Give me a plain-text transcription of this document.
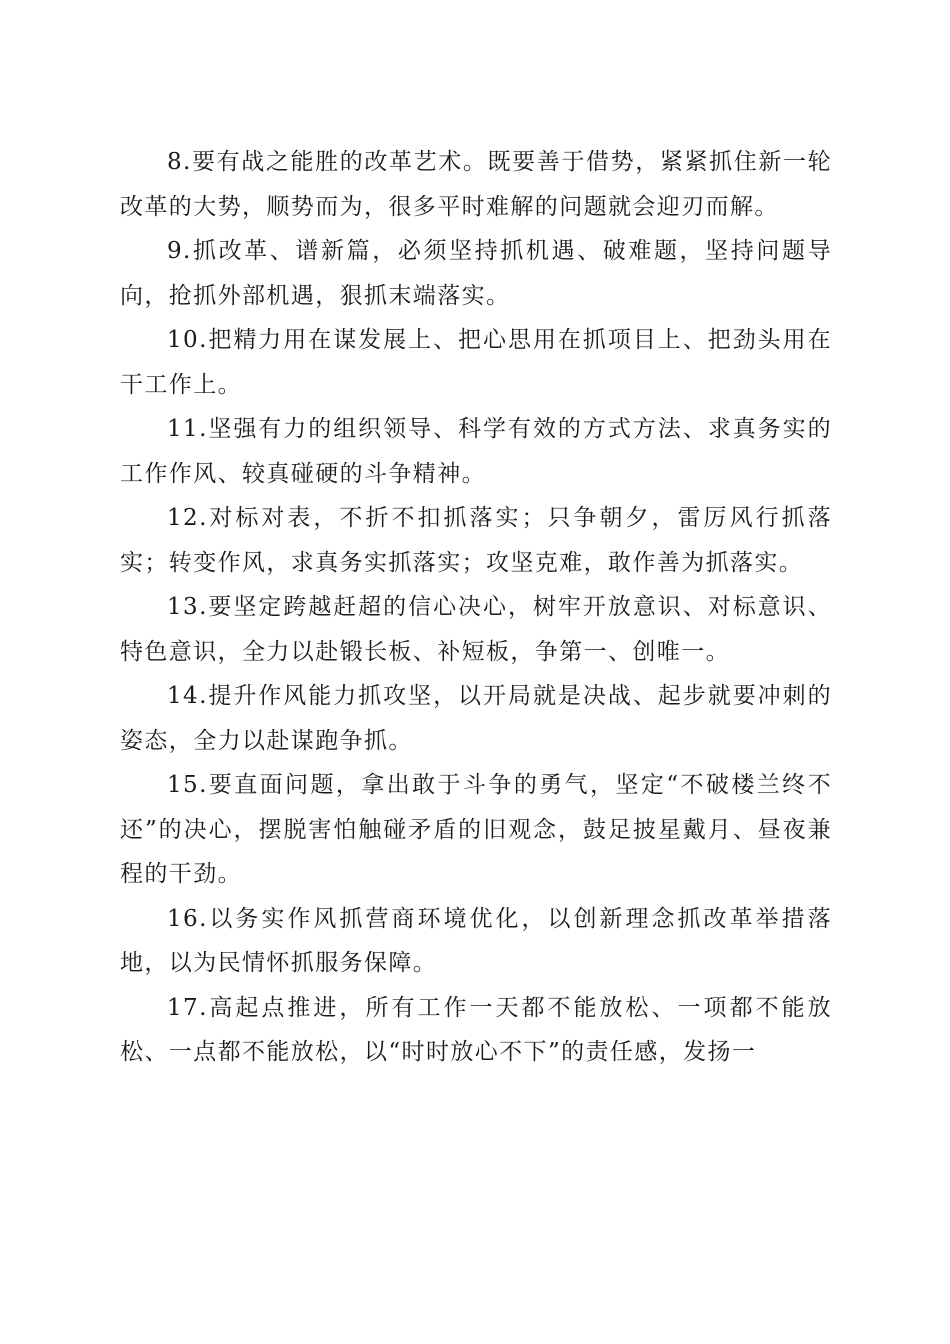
8.要有战之能胜的改革艺术。既要善于借势，紧紧抓住新一轮改革的大势，顺势而为，很多平时难解的问题就会迎刃而解。

9.抓改革、谱新篇，必须坚持抓机遇、破难题，坚持问题导向，抢抓外部机遇，狠抓末端落实。

10.把精力用在谋发展上、把心思用在抓项目上、把劲头用在干工作上。

11.坚强有力的组织领导、科学有效的方式方法、求真务实的工作作风、较真碰硬的斗争精神。

12.对标对表，不折不扣抓落实；只争朝夕，雷厉风行抓落实；转变作风，求真务实抓落实；攻坚克难，敢作善为抓落实。

13.要坚定跨越赶超的信心决心，树牢开放意识、对标意识、特色意识，全力以赴锻长板、补短板，争第一、创唯一。

14.提升作风能力抓攻坚，以开局就是决战、起步就要冲刺的姿态，全力以赴谋跑争抓。

15.要直面问题，拿出敢于斗争的勇气，坚定“不破楼兰终不还”的决心，摆脱害怕触碰矛盾的旧观念，鼓足披星戴月、昼夜兼程的干劲。

16.以务实作风抓营商环境优化，以创新理念抓改革举措落地，以为民情怀抓服务保障。

17.高起点推进，所有工作一天都不能放松、一项都不能放松、一点都不能放松，以“时时放心不下”的责任感，发扬一
